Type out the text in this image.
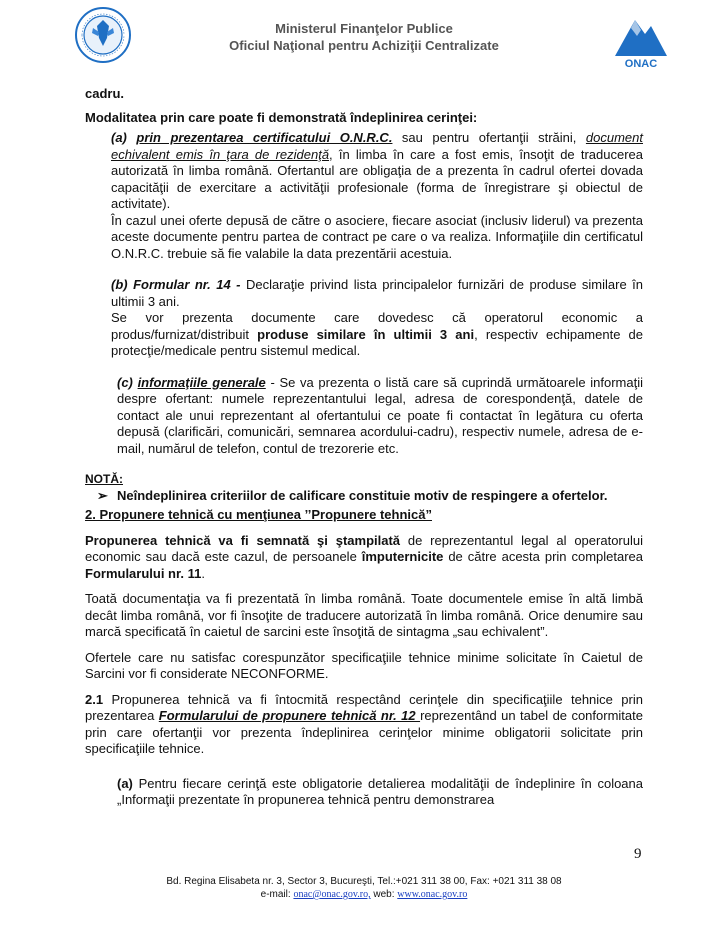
Ministerul Finanţelor Publice
Oficiul Naţional pentru Achiziţii Centralizate
ONAC

cadru.

Modalitatea prin care poate fi demonstrată îndeplinirea cerinţei:

(a) prin prezentarea certificatului O.N.R.C. sau pentru ofertanţii străini, document echivalent emis în ţara de rezidenţă, în limba în care a fost emis, însoţit de traducerea autorizată în limba română. Ofertantul are obligaţia de a prezenta în cadrul ofertei dovada capacităţii de exercitare a activităţii profesionale (forma de înregistrare şi obiectul de activitate).

În cazul unei oferte depusă de către o asociere, fiecare asociat (inclusiv liderul) va prezenta aceste documente pentru partea de contract pe care o va realiza. Informaţiile din certificatul O.N.R.C. trebuie să fie valabile la data prezentării acestuia.

(b) Formular nr. 14 - Declaraţie privind lista principalelor furnizări de produse similare în ultimii 3 ani.

Se vor prezenta documente care dovedesc că operatorul economic a produs/furnizat/distribuit produse similare în ultimii 3 ani, respectiv echipamente de protecţie/medicale pentru sistemul medical.

(c) informaţiile generale - Se va prezenta o listă care să cuprindă următoarele informaţii despre ofertant: numele reprezentantului legal, adresa de corespondenţă, datele de contact ale unui reprezentant al ofertantului ce poate fi contactat în legătura cu oferta depusă (clarificări, comunicări, semnarea acordului-cadru), respectiv numele, adresa de e-mail, numărul de telefon, contul de trezorerie etc.

NOTĂ:

➢ Neîndeplinirea criteriilor de calificare constituie motiv de respingere a ofertelor.

2. Propunere tehnică cu menţiunea ’’Propunere tehnică”

Propunerea tehnică va fi semnată şi ştampilată de reprezentantul legal al operatorului economic sau dacă este cazul, de persoanele împuternicite de către acesta prin completarea Formularului nr. 11.

Toată documentaţia va fi prezentată în limba română. Toate documentele emise în altă limbă decât limba română, vor fi însoţite de traducere autorizată în limba română. Orice denumire sau marcă specificată în caietul de sarcini este însoţită de sintagma „sau echivalent”.

Ofertele care nu satisfac corespunzător specificaţiile tehnice minime solicitate în Caietul de Sarcini vor fi considerate NECONFORME.

2.1 Propunerea tehnică va fi întocmită respectând cerinţele din specificaţiile tehnice prin prezentarea Formularului de propunere tehnică nr. 12 reprezentând un tabel de conformitate prin care ofertanţii vor prezenta îndeplinirea cerinţelor minime obligatorii solicitate prin specificaţiile tehnice.

(a) Pentru fiecare cerinţă este obligatorie detalierea modalităţii de îndeplinire în coloana „Informaţii prezentate în propunerea tehnică pentru demonstrarea

9
Bd. Regina Elisabeta nr. 3, Sector 3, Bucureşti, Tel.:+021 311 38 00, Fax: +021 311 38 08
e-mail: onac@onac.gov.ro, web: www.onac.gov.ro
